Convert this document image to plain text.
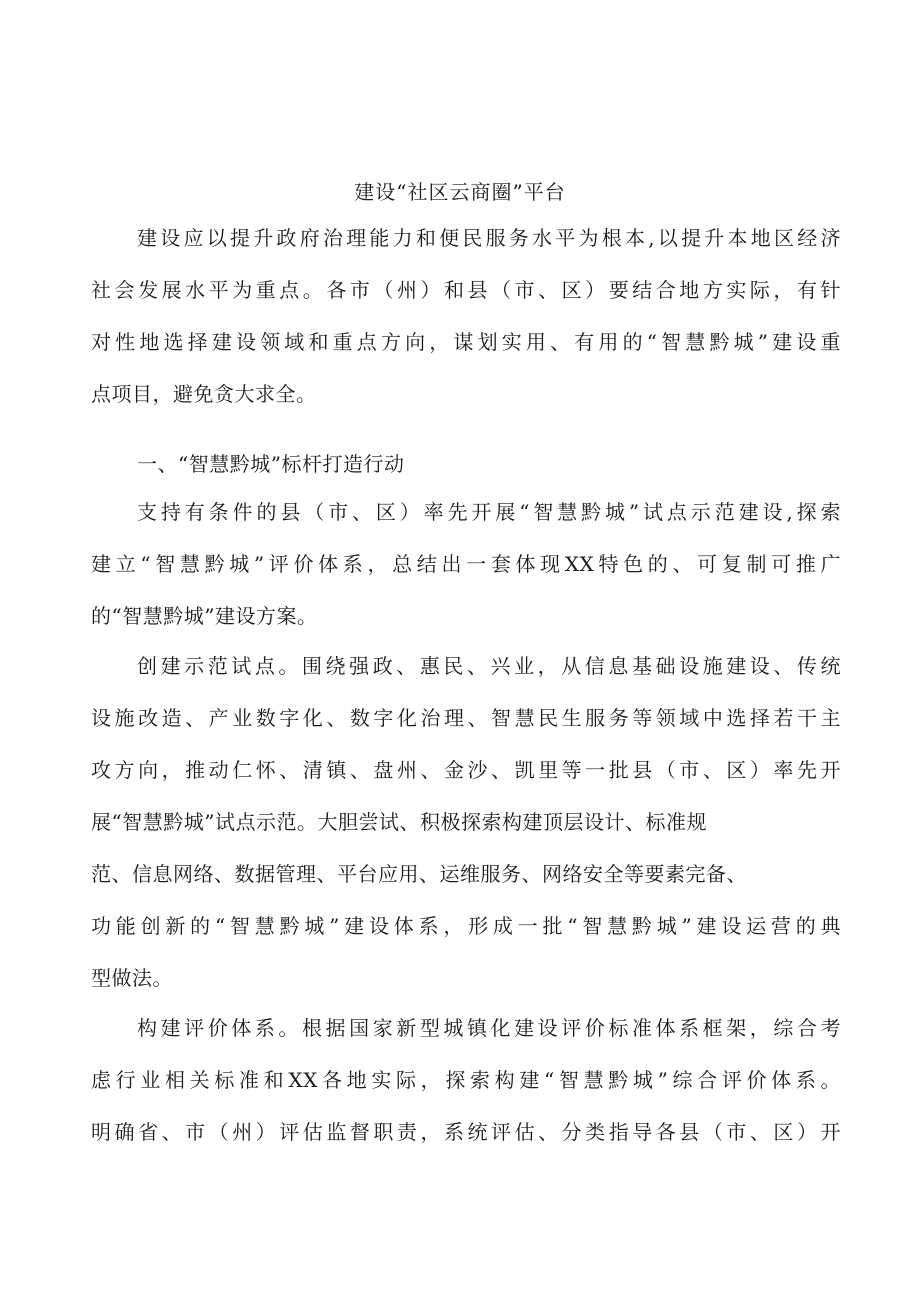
建设“社区云商圈”平台
建设应以提升政府治理能力和便民服务水平为根本,以提升本地区经济
社会发展水平为重点。各市（州）和县（市、区）要结合地方实际，有针
对性地选择建设领域和重点方向，谋划实用、有用的“智慧黔城”建设重
点项目，避免贪大求全。
一、“智慧黔城”标杆打造行动
支持有条件的县（市、区）率先开展“智慧黔城”试点示范建设,探索
建立“智慧黔城”评价体系，总结出一套体现XX特色的、可复制可推广
的“智慧黔城”建设方案。
创建示范试点。围绕强政、惠民、兴业，从信息基础设施建设、传统
设施改造、产业数字化、数字化治理、智慧民生服务等领域中选择若干主
攻方向，推动仁怀、清镇、盘州、金沙、凯里等一批县（市、区）率先开
展“智慧黔城”试点示范。大胆尝试、积极探索构建顶层设计、标准规
范、信息网络、数据管理、平台应用、运维服务、网络安全等要素完备、
功能创新的“智慧黔城”建设体系，形成一批“智慧黔城”建设运营的典
型做法。
构建评价体系。根据国家新型城镇化建设评价标准体系框架，综合考
虑行业相关标准和XX各地实际，探索构建“智慧黔城”综合评价体系。
明确省、市（州）评估监督职责，系统评估、分类指导各县（市、区）开
